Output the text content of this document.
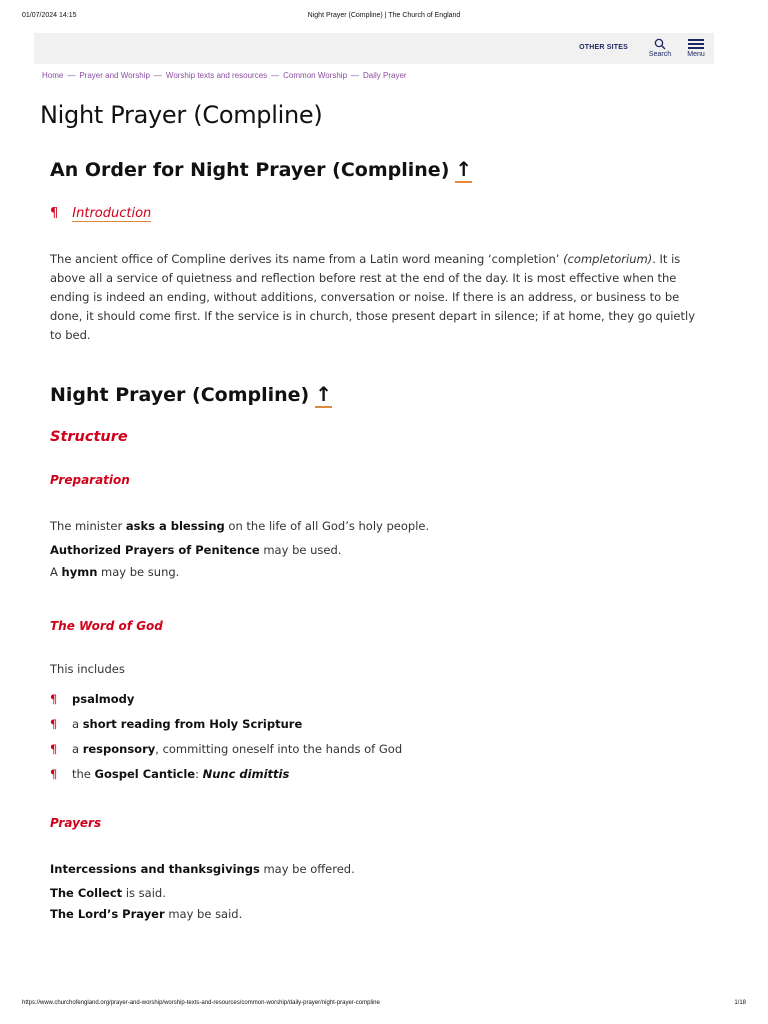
01/07/2024 14:15	Night Prayer (Compline) | The Church of England
OTHER SITES
Search	Menu
Home — Prayer and Worship — Worship texts and resources — Common Worship — Daily Prayer
Night Prayer (Compline)
An Order for Night Prayer (Compline) ↑
¶ Introduction

The ancient office of Compline derives its name from a Latin word meaning ‘completion’ (completorium). It is above all a service of quietness and reflection before rest at the end of the day. It is most effective when the ending is indeed an ending, without additions, conversation or noise. If there is an address, or business to be done, it should come first. If the service is in church, those present depart in silence; if at home, they go quietly to bed.

Night Prayer (Compline) ↑
Structure
Preparation
The minister asks a blessing on the life of all God’s holy people.
Authorized Prayers of Penitence may be used.
A hymn may be sung.
The Word of God
This includes
¶ psalmody
¶ a short reading from Holy Scripture
¶ a responsory, committing oneself into the hands of God
¶ the Gospel Canticle: Nunc dimittis
Prayers
Intercessions and thanksgivings may be offered.
The Collect is said.
The Lord’s Prayer may be said.
https://www.churchofengland.org/prayer-and-worship/worship-texts-and-resources/common-worship/daily-prayer/night-prayer-compline	1/18
